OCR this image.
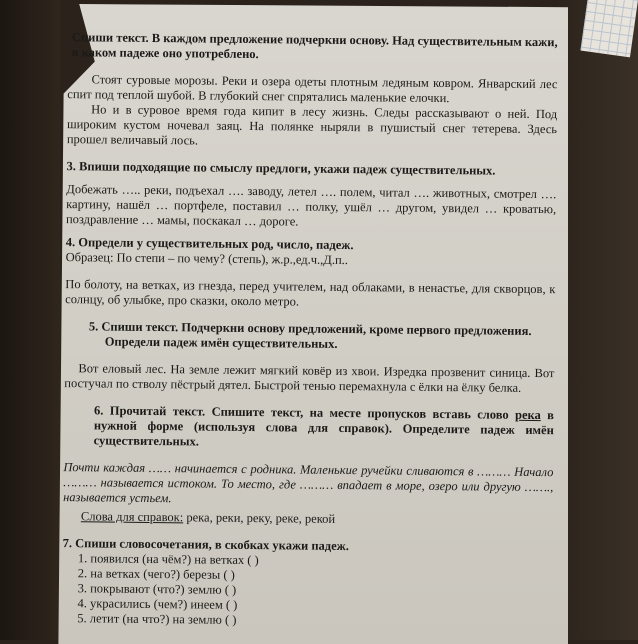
Спиши текст. В каждом предложение подчеркни основу. Над существительным кажи, в каком падеже оно употреблено.

Стоят суровые морозы. Реки и озера одеты плотным ледяным ковром. Январский лес спит под теплой шубой. В глубокий снег спрятались маленькие елочки.

Но и в суровое время года кипит в лесу жизнь. Следы рассказывают о ней. Под широким кустом ночевал заяц. На полянке ныряли в пушистый снег тетерева. Здесь прошел величавый лось.

3. Впиши подходящие по смыслу предлоги, укажи падеж существительных.

Добежать ….. реки, подъехал …. заводу, летел …. полем, читал …. животных, смотрел …. картину, нашёл … портфеле, поставил … полку, ушёл … другом, увидел … кроватью, поздравление … мамы, поскакал … дороге.

4. Определи у существительных род, число, падеж.

Образец: По степи – по чему? (степь), ж.р.,ед.ч.,Д.п..

По болоту, на ветках, из гнезда, перед учителем, над облаками, в ненастье, для скворцов, к солнцу, об улыбке, про сказки, около метро.

5. Спиши текст. Подчеркни основу предложений, кроме первого предложения.

Определи падеж имён существительных.

Вот еловый лес. На земле лежит мягкий ковёр из хвои. Изредка прозвенит синица. Вот постучал по стволу пёстрый дятел. Быстрой тенью перемахнула с ёлки на ёлку белка.

6. Прочитай текст. Спишите текст, на месте пропусков вставь слово река в нужной форме (используя слова для справок). Определите падеж имён существительных.

Почти каждая …… начинается с родника. Маленькие ручейки сливаются в ……… Начало ……… называется истоком. То место, где ……… впадает в море, озеро или другую ……., называется устьем.

Слова для справок: река, реки, реку, реке, рекой

7. Спиши словосочетания, в скобках укажи падеж.

1. появился (на чём?) на ветках ( )
2. на ветках (чего?) березы ( )
3. покрывают (что?) землю ( )
4. украсились (чем?) инеем ( )
5. летит (на что?) на землю ( )
